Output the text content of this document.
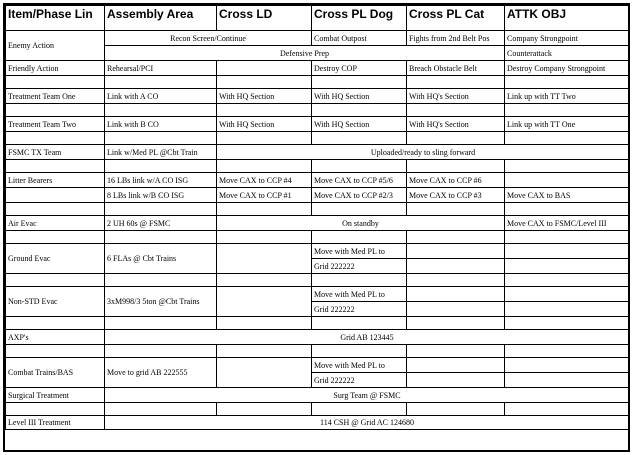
Item/Phase Lin	Assembly Area	Cross LD	Cross PL Dog	Cross PL Cat	ATTK OBJ
Enemy Action	Recon Screen/Continue		Combat Outpost	Fights from 2nd Belt Pos	Company Strongpoint
	Defensive Prep				Counterattack
Friendly Action	Rehearsal/PCI		Destroy COP	Breach Obstacle Belt	Destroy Company Strongpoint

Treatment Team One	Link with A CO	With HQ Section	With HQ Section	With HQ's Section	Link up with TT Two

Treatment Team Two	Link with B CO	With HQ Section	With HQ Section	With HQ's Section	Link up with TT One

FSMC TX Team	Link w/Med PL @Cbt Train	Uploaded/ready to sling forward			

Litter Bearers	16 LBs link w/A CO ISG	Move CAX to CCP #4	Move CAX to CCP #5/6	Move CAX to CCP #6	
	8 LBs link w/B CO ISG	Move CAX to CCP #1	Move CAX to CCP #2/3	Move CAX to CCP #3	Move CAX to BAS

Air Evac	2 UH 60s @ FSMC	On standby			Move CAX to FSMC/Level III

Ground Evac	6 FLAs @ Cbt Trains		Move with Med PL to		
			Grid 222222		

Non-STD Evac	3xM998/3 5ton @Cbt Trains		Move with Med PL to		
			Grid 222222		

AXP's	Grid AB 123445				

Combat Trains/BAS	Move to grid AB 222555		Move with Med PL to		
			Grid 222222		
Surgical Treatment	Surg Team @ FSMC				

Level III Treatment	114 CSH @ Grid AC 124680				
